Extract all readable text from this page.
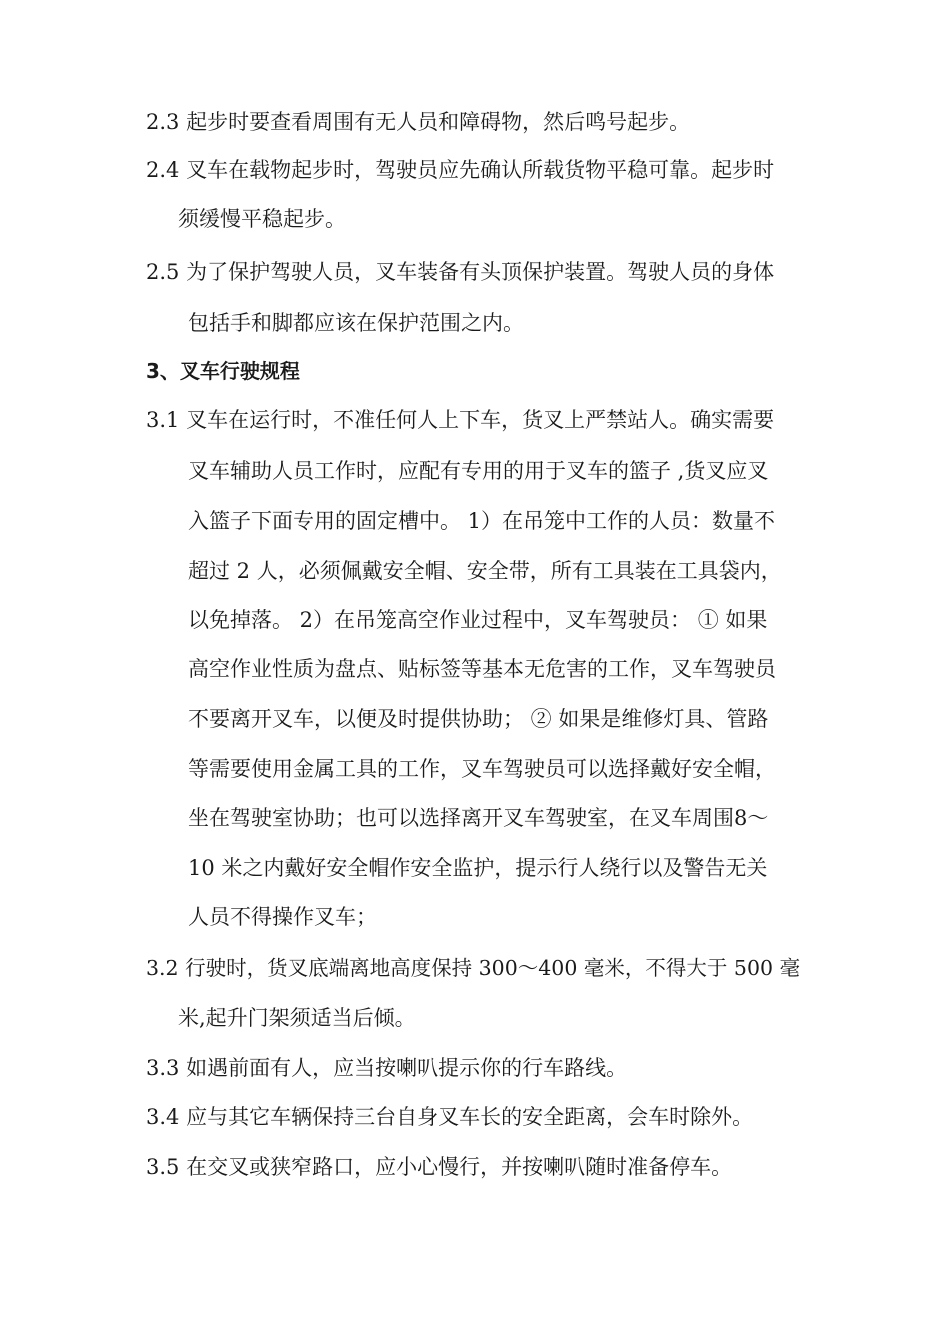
2.3 起步时要查看周围有无人员和障碍物，然后鸣号起步。
2.4 叉车在载物起步时，驾驶员应先确认所载货物平稳可靠。起步时
须缓慢平稳起步。
2.5 为了保护驾驶人员，叉车装备有头顶保护装置。驾驶人员的身体
包括手和脚都应该在保护范围之内。
3、叉车行驶规程
3.1 叉车在运行时，不准任何人上下车，货叉上严禁站人。确实需要
叉车辅助人员工作时，应配有专用的用于叉车的篮子 ,货叉应叉
入篮子下面专用的固定槽中。 1）在吊笼中工作的人员：数量不
超过 2 人，必须佩戴安全帽、安全带，所有工具装在工具袋内，
以免掉落。 2）在吊笼高空作业过程中，叉车驾驶员： ① 如果
高空作业性质为盘点、贴标签等基本无危害的工作，叉车驾驶员
不要离开叉车，以便及时提供协助； ② 如果是维修灯具、管路
等需要使用金属工具的工作，叉车驾驶员可以选择戴好安全帽，
坐在驾驶室协助；也可以选择离开叉车驾驶室，在叉车周围8～
10 米之内戴好安全帽作安全监护，提示行人绕行以及警告无关
人员不得操作叉车；
3.2 行驶时，货叉底端离地高度保持 300～400 毫米，不得大于 500 毫
米,起升门架须适当后倾。
3.3 如遇前面有人，应当按喇叭提示你的行车路线。
3.4 应与其它车辆保持三台自身叉车长的安全距离，会车时除外。
3.5 在交叉或狭窄路口，应小心慢行，并按喇叭随时准备停车。
